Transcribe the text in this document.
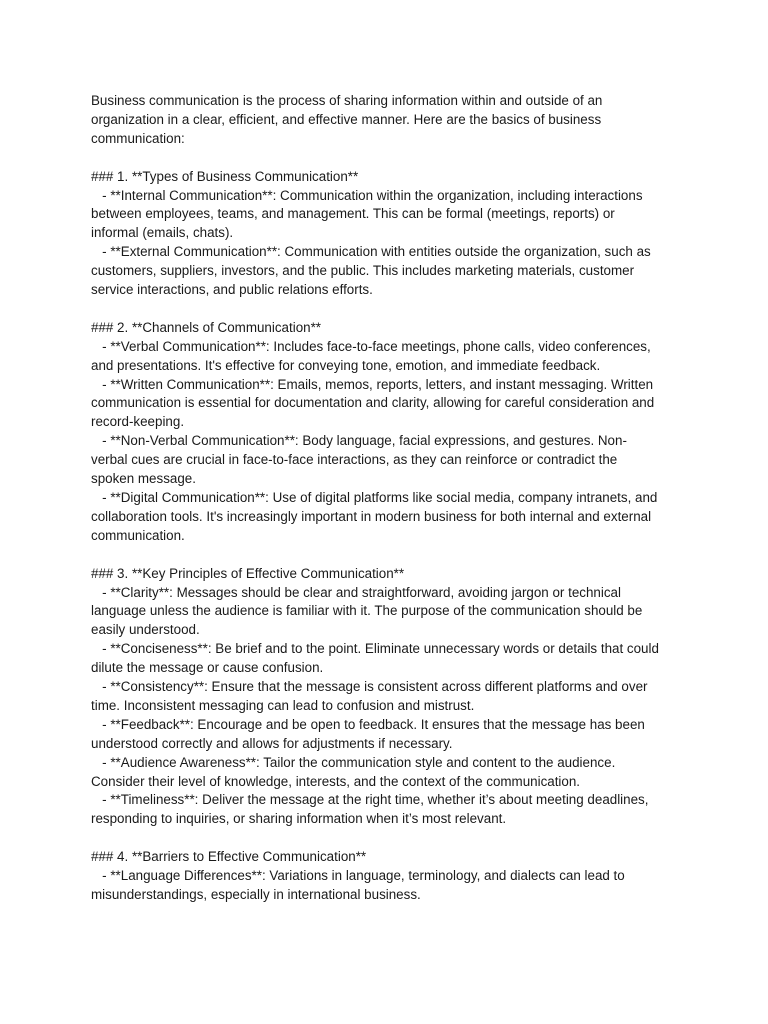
Business communication is the process of sharing information within and outside of an
organization in a clear, efficient, and effective manner. Here are the basics of business
communication:
### 1. **Types of Business Communication**
- **Internal Communication**: Communication within the organization, including interactions
between employees, teams, and management. This can be formal (meetings, reports) or
informal (emails, chats).
- **External Communication**: Communication with entities outside the organization, such as
customers, suppliers, investors, and the public. This includes marketing materials, customer
service interactions, and public relations efforts.
### 2. **Channels of Communication**
- **Verbal Communication**: Includes face-to-face meetings, phone calls, video conferences,
and presentations. It's effective for conveying tone, emotion, and immediate feedback.
- **Written Communication**: Emails, memos, reports, letters, and instant messaging. Written
communication is essential for documentation and clarity, allowing for careful consideration and
record-keeping.
- **Non-Verbal Communication**: Body language, facial expressions, and gestures. Non-
verbal cues are crucial in face-to-face interactions, as they can reinforce or contradict the
spoken message.
- **Digital Communication**: Use of digital platforms like social media, company intranets, and
collaboration tools. It's increasingly important in modern business for both internal and external
communication.
### 3. **Key Principles of Effective Communication**
- **Clarity**: Messages should be clear and straightforward, avoiding jargon or technical
language unless the audience is familiar with it. The purpose of the communication should be
easily understood.
- **Conciseness**: Be brief and to the point. Eliminate unnecessary words or details that could
dilute the message or cause confusion.
- **Consistency**: Ensure that the message is consistent across different platforms and over
time. Inconsistent messaging can lead to confusion and mistrust.
- **Feedback**: Encourage and be open to feedback. It ensures that the message has been
understood correctly and allows for adjustments if necessary.
- **Audience Awareness**: Tailor the communication style and content to the audience.
Consider their level of knowledge, interests, and the context of the communication.
- **Timeliness**: Deliver the message at the right time, whether it’s about meeting deadlines,
responding to inquiries, or sharing information when it’s most relevant.
### 4. **Barriers to Effective Communication**
- **Language Differences**: Variations in language, terminology, and dialects can lead to
misunderstandings, especially in international business.
